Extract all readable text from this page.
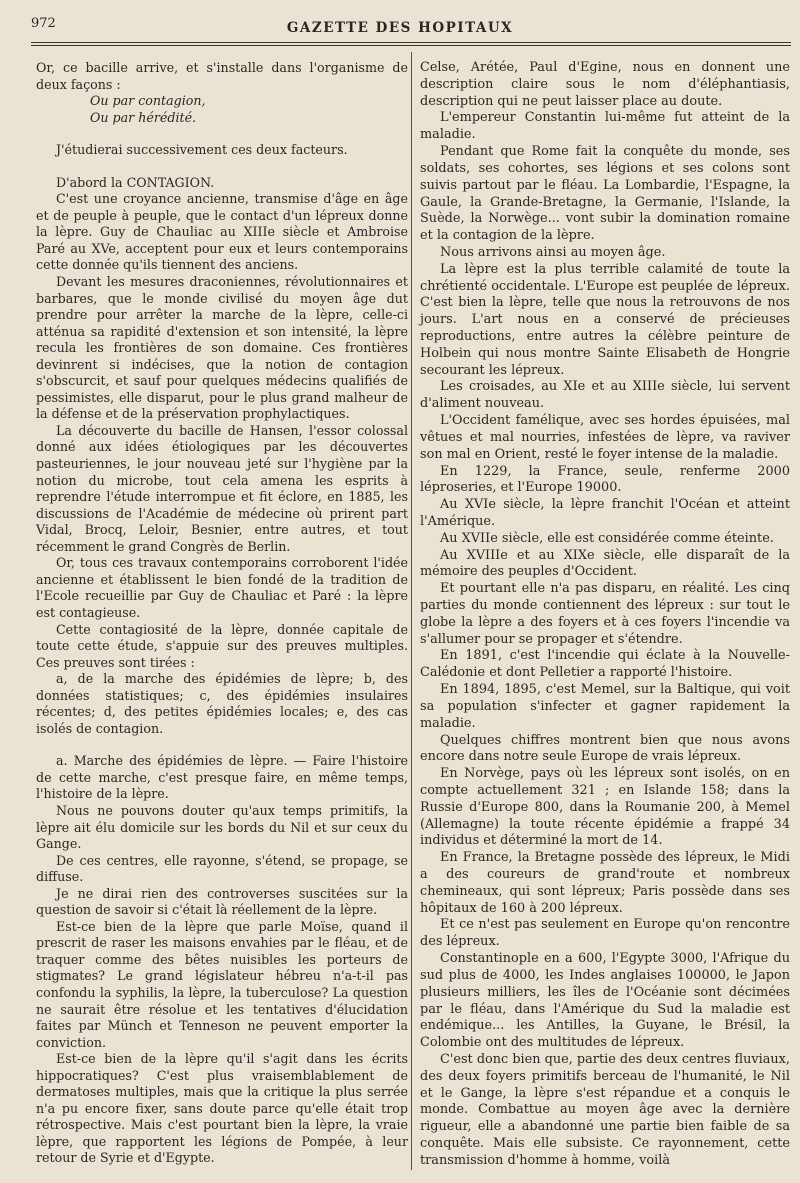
972	GAZETTE DES HOPITAUX

Or, ce bacille arrive, et s'installe dans l'organisme de deux façons :

Ou par contagion,

Ou par hérédité.

J'étudierai successivement ces deux facteurs.

D'abord la CONTAGION.

C'est une croyance ancienne, transmise d'âge en âge et de peuple à peuple, que le contact d'un lépreux donne la lèpre. Guy de Chauliac au XIIIe siècle et Ambroise Paré au XVe, acceptent pour eux et leurs contemporains cette donnée qu'ils tiennent des anciens.

Devant les mesures draconiennes, révolutionnaires et barbares, que le monde civilisé du moyen âge dut prendre pour arrêter la marche de la lèpre, celle-ci atténua sa rapidité d'extension et son intensité, la lèpre recula les frontières de son domaine. Ces frontières devinrent si indécises, que la notion de contagion s'obscurcit, et sauf pour quelques médecins qualifiés de pessimistes, elle disparut, pour le plus grand malheur de la défense et de la préservation prophylactiques.

La découverte du bacille de Hansen, l'essor colossal donné aux idées étiologiques par les découvertes pasteuriennes, le jour nouveau jeté sur l'hygiène par la notion du microbe, tout cela amena les esprits à reprendre l'étude interrompue et fit éclore, en 1885, les discussions de l'Académie de médecine où prirent part Vidal, Brocq, Leloir, Besnier, entre autres, et tout récemment le grand Congrès de Berlin.

Or, tous ces travaux contemporains corroborent l'idée ancienne et établissent le bien fondé de la tradition de l'Ecole recueillie par Guy de Chauliac et Paré : la lèpre est contagieuse.

Cette contagiosité de la lèpre, donnée capitale de toute cette étude, s'appuie sur des preuves multiples. Ces preuves sont tirées :

a, de la marche des épidémies de lèpre; b, des données statistiques; c, des épidémies insulaires récentes; d, des petites épidémies locales; e, des cas isolés de contagion.

a. Marche des épidémies de lèpre. — Faire l'histoire de cette marche, c'est presque faire, en même temps, l'histoire de la lèpre.

Nous ne pouvons douter qu'aux temps primitifs, la lèpre ait élu domicile sur les bords du Nil et sur ceux du Gange.

De ces centres, elle rayonne, s'étend, se propage, se diffuse.

Je ne dirai rien des controverses suscitées sur la question de savoir si c'était là réellement de la lèpre.

Est-ce bien de la lèpre que parle Moïse, quand il prescrit de raser les maisons envahies par le fléau, et de traquer comme des bêtes nuisibles les porteurs de stigmates? Le grand législateur hébreu n'a-t-il pas confondu la syphilis, la lèpre, la tuberculose? La question ne saurait être résolue et les tentatives d'élucidation faites par Münch et Tenneson ne peuvent emporter la conviction.

Est-ce bien de la lèpre qu'il s'agit dans les écrits hippocratiques? C'est plus vraisemblablement de dermatoses multiples, mais que la critique la plus serrée n'a pu encore fixer, sans doute parce qu'elle était trop rétrospective. Mais c'est pourtant bien la lèpre, la vraie lèpre, que rapportent les légions de Pompée, à leur retour de Syrie et d'Egypte.

Celse, Arétée, Paul d'Egine, nous en donnent une description claire sous le nom d'éléphantiasis, description qui ne peut laisser place au doute.

L'empereur Constantin lui-même fut atteint de la maladie.

Pendant que Rome fait la conquête du monde, ses soldats, ses cohortes, ses légions et ses colons sont suivis partout par le fléau. La Lombardie, l'Espagne, la Gaule, la Grande-Bretagne, la Germanie, l'Islande, la Suède, la Norwège... vont subir la domination romaine et la contagion de la lèpre.

Nous arrivons ainsi au moyen âge.

La lèpre est la plus terrible calamité de toute la chrétienté occidentale. L'Europe est peuplée de lépreux. C'est bien la lèpre, telle que nous la retrouvons de nos jours. L'art nous en a conservé de précieuses reproductions, entre autres la célèbre peinture de Holbein qui nous montre Sainte Elisabeth de Hongrie secourant les lépreux.

Les croisades, au XIe et au XIIIe siècle, lui servent d'aliment nouveau.

L'Occident famélique, avec ses hordes épuisées, mal vêtues et mal nourries, infestées de lèpre, va raviver son mal en Orient, resté le foyer intense de la maladie.

En 1229, la France, seule, renferme 2000 léproseries, et l'Europe 19000.

Au XVIe siècle, la lèpre franchit l'Océan et atteint l'Amérique.

Au XVIIe siècle, elle est considérée comme éteinte.

Au XVIIIe et au XIXe siècle, elle disparaît de la mémoire des peuples d'Occident.

Et pourtant elle n'a pas disparu, en réalité. Les cinq parties du monde contiennent des lépreux : sur tout le globe la lèpre a des foyers et à ces foyers l'incendie va s'allumer pour se propager et s'étendre.

En 1891, c'est l'incendie qui éclate à la Nouvelle-Calédonie et dont Pelletier a rapporté l'histoire.

En 1894, 1895, c'est Memel, sur la Baltique, qui voit sa population s'infecter et gagner rapidement la maladie.

Quelques chiffres montrent bien que nous avons encore dans notre seule Europe de vrais lépreux.

En Norvège, pays où les lépreux sont isolés, on en compte actuellement 321 ; en Islande 158; dans la Russie d'Europe 800, dans la Roumanie 200, à Memel (Allemagne) la toute récente épidémie a frappé 34 individus et déterminé la mort de 14.

En France, la Bretagne possède des lépreux, le Midi a des coureurs de grand'route et nombreux chemineaux, qui sont lépreux; Paris possède dans ses hôpitaux de 160 à 200 lépreux.

Et ce n'est pas seulement en Europe qu'on rencontre des lépreux.

Constantinople en a 600, l'Egypte 3000, l'Afrique du sud plus de 4000, les Indes anglaises 100000, le Japon plusieurs milliers, les îles de l'Océanie sont décimées par le fléau, dans l'Amérique du Sud la maladie est endémique... les Antilles, la Guyane, le Brésil, la Colombie ont des multitudes de lépreux.

C'est donc bien que, partie des deux centres fluviaux, des deux foyers primitifs berceau de l'humanité, le Nil et le Gange, la lèpre s'est répandue et a conquis le monde. Combattue au moyen âge avec la dernière rigueur, elle a abandonné une partie bien faible de sa conquête. Mais elle subsiste. Ce rayonnement, cette transmission d'homme à homme, voilà
